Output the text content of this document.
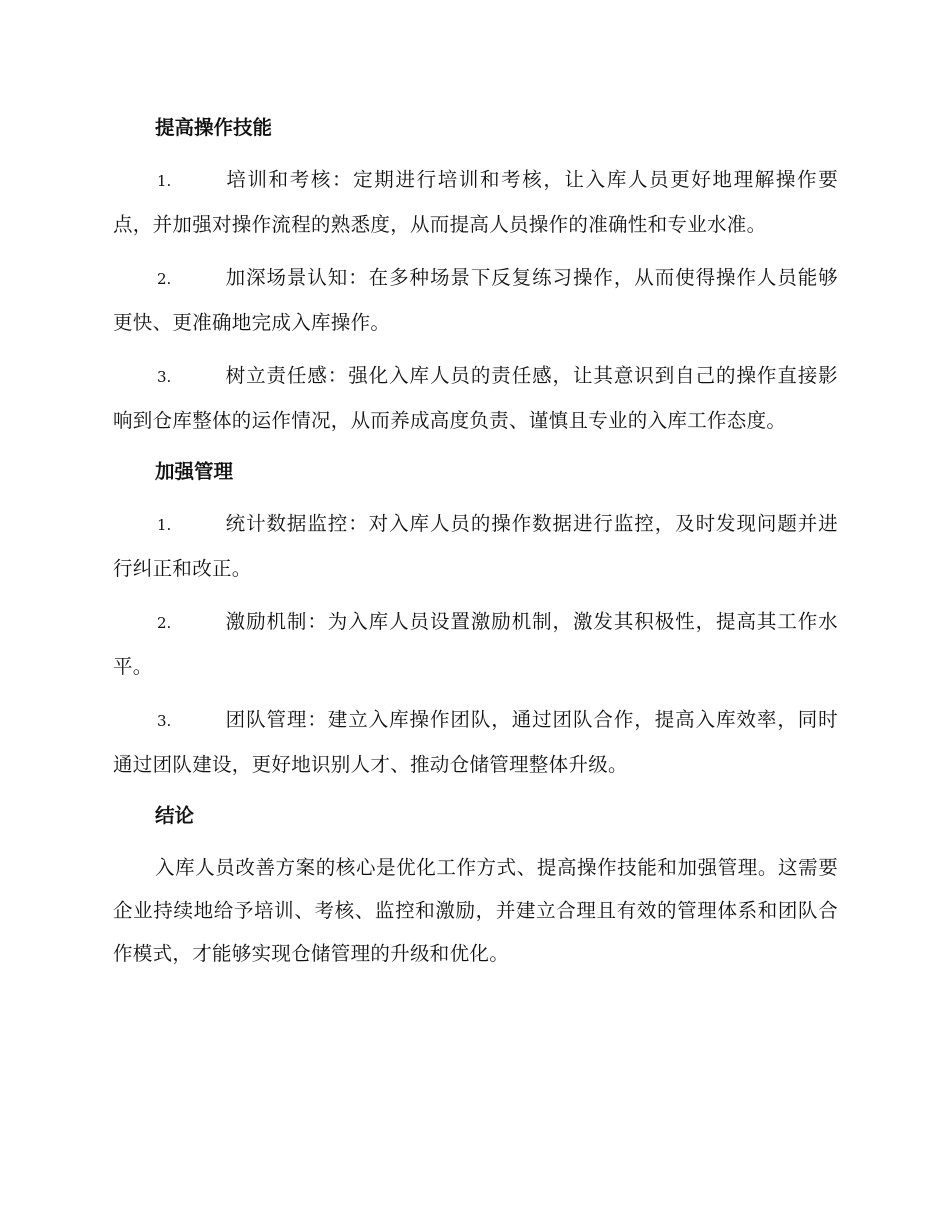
提高操作技能

1.	培训和考核：定期进行培训和考核，让入库人员更好地理解操作要点，并加强对操作流程的熟悉度，从而提高人员操作的准确性和专业水准。

2.	加深场景认知：在多种场景下反复练习操作，从而使得操作人员能够更快、更准确地完成入库操作。

3.	树立责任感：强化入库人员的责任感，让其意识到自己的操作直接影响到仓库整体的运作情况，从而养成高度负责、谨慎且专业的入库工作态度。

加强管理

1.	统计数据监控：对入库人员的操作数据进行监控，及时发现问题并进行纠正和改正。

2.	激励机制：为入库人员设置激励机制，激发其积极性，提高其工作水平。

3.	团队管理：建立入库操作团队，通过团队合作，提高入库效率，同时通过团队建设，更好地识别人才、推动仓储管理整体升级。

结论

入库人员改善方案的核心是优化工作方式、提高操作技能和加强管理。这需要企业持续地给予培训、考核、监控和激励，并建立合理且有效的管理体系和团队合作模式，才能够实现仓储管理的升级和优化。
